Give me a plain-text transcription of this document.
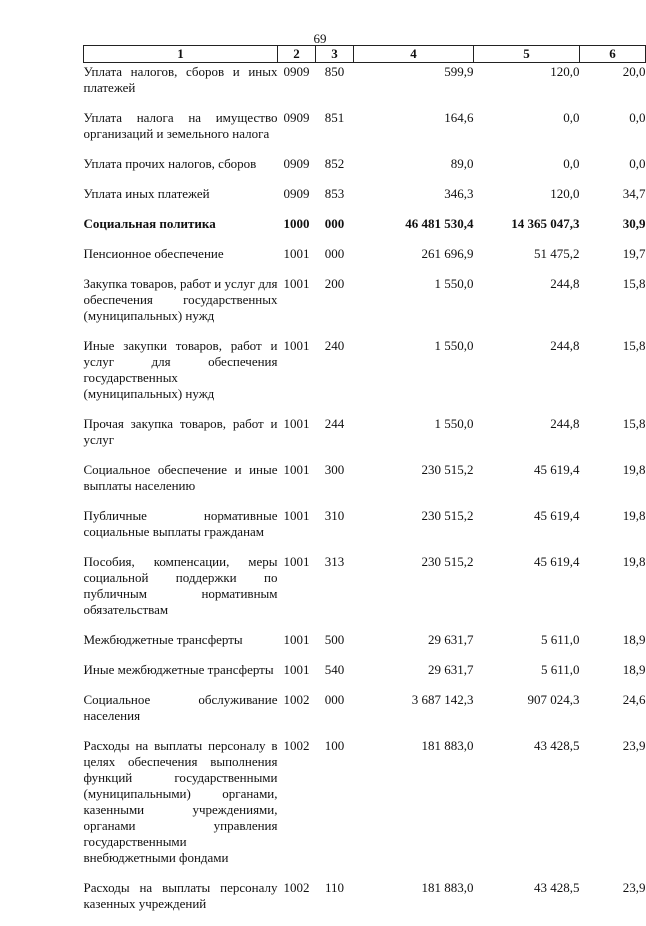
69
1	2	3	4	5	6
Уплата налогов, сборов и иных платежей	0909	850	599,9	120,0	20,0
Уплата налога на имущество организаций и земельного налога	0909	851	164,6	0,0	0,0
Уплата прочих налогов, сборов	0909	852	89,0	0,0	0,0
Уплата иных платежей	0909	853	346,3	120,0	34,7
Социальная политика	1000	000	46 481 530,4	14 365 047,3	30,9
Пенсионное обеспечение	1001	000	261 696,9	51 475,2	19,7
Закупка товаров, работ и услуг для обеспечения государственных (муниципальных) нужд	1001	200	1 550,0	244,8	15,8
Иные закупки товаров, работ и услуг для обеспечения государственных (муниципальных) нужд	1001	240	1 550,0	244,8	15,8
Прочая закупка товаров, работ и услуг	1001	244	1 550,0	244,8	15,8
Социальное обеспечение и иные выплаты населению	1001	300	230 515,2	45 619,4	19,8
Публичные нормативные социальные выплаты гражданам	1001	310	230 515,2	45 619,4	19,8
Пособия, компенсации, меры социальной поддержки по публичным нормативным обязательствам	1001	313	230 515,2	45 619,4	19,8
Межбюджетные трансферты	1001	500	29 631,7	5 611,0	18,9
Иные межбюджетные трансферты	1001	540	29 631,7	5 611,0	18,9
Социальное обслуживание населения	1002	000	3 687 142,3	907 024,3	24,6
Расходы на выплаты персоналу в целях обеспечения выполнения функций государственными (муниципальными) органами, казенными учреждениями, органами управления государственными внебюджетными фондами	1002	100	181 883,0	43 428,5	23,9
Расходы на выплаты персоналу казенных учреждений	1002	110	181 883,0	43 428,5	23,9
